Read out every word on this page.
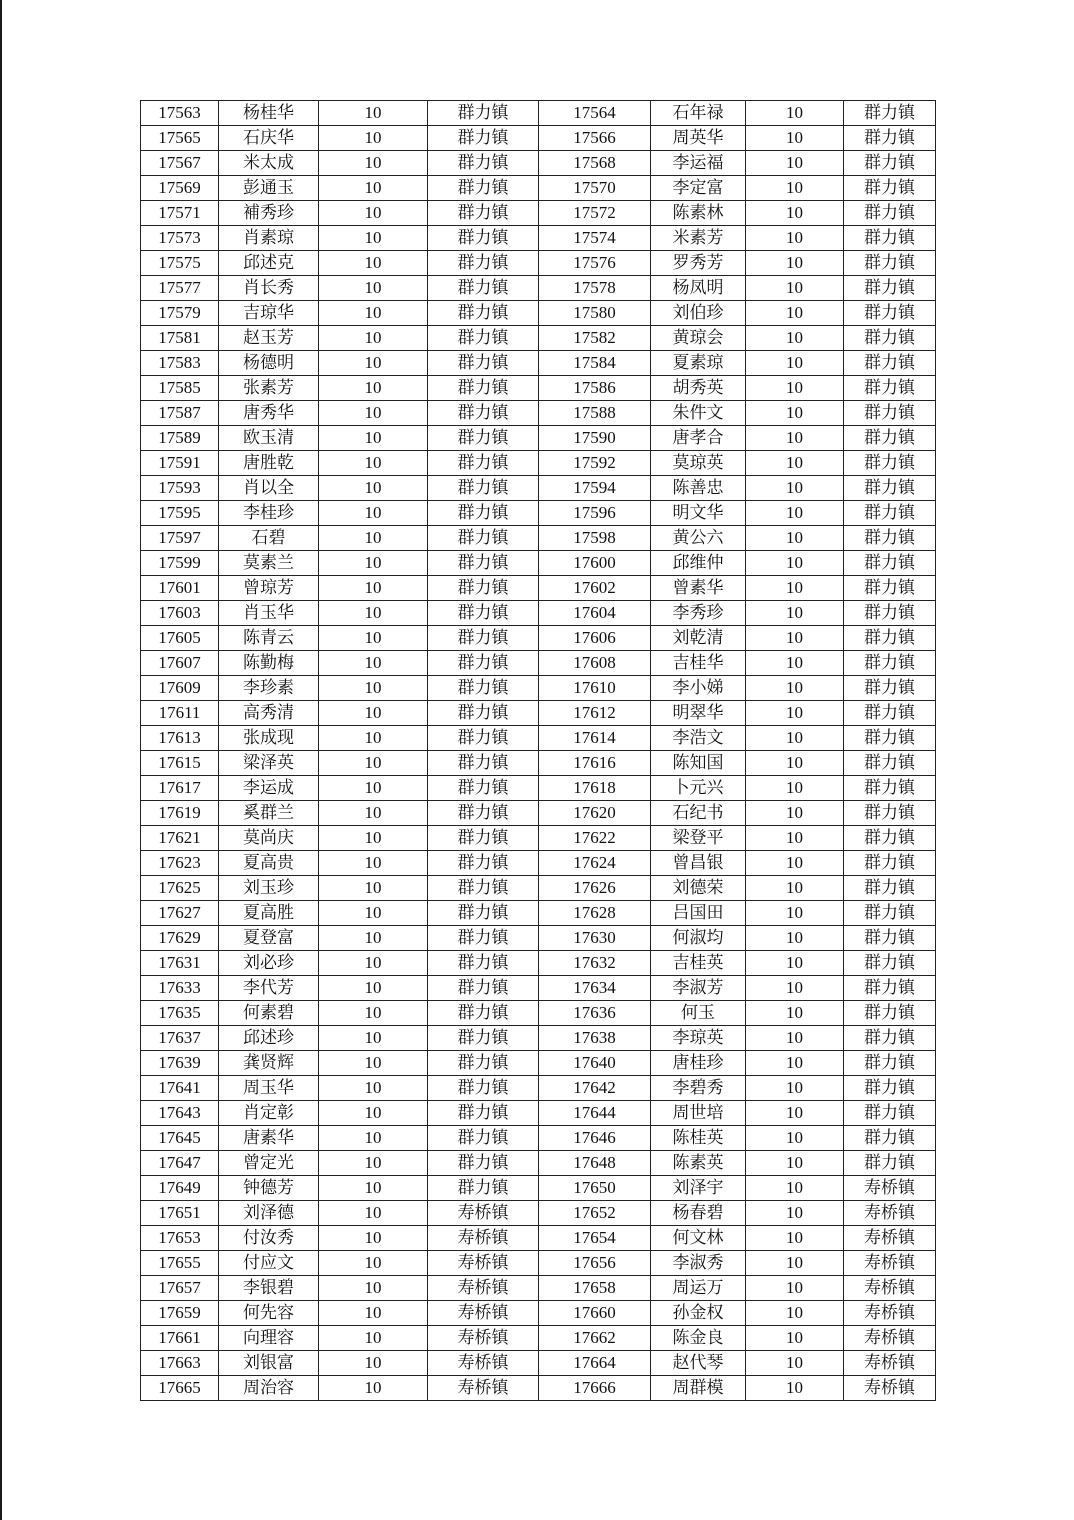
17563	杨桂华	10	群力镇	17564	石年禄	10	群力镇
17565	石庆华	10	群力镇	17566	周英华	10	群力镇
17567	米太成	10	群力镇	17568	李运福	10	群力镇
17569	彭通玉	10	群力镇	17570	李定富	10	群力镇
17571	補秀珍	10	群力镇	17572	陈素林	10	群力镇
17573	肖素琼	10	群力镇	17574	米素芳	10	群力镇
17575	邱述克	10	群力镇	17576	罗秀芳	10	群力镇
17577	肖长秀	10	群力镇	17578	杨凤明	10	群力镇
17579	吉琼华	10	群力镇	17580	刘伯珍	10	群力镇
17581	赵玉芳	10	群力镇	17582	黄琼会	10	群力镇
17583	杨德明	10	群力镇	17584	夏素琼	10	群力镇
17585	张素芳	10	群力镇	17586	胡秀英	10	群力镇
17587	唐秀华	10	群力镇	17588	朱件文	10	群力镇
17589	欧玉清	10	群力镇	17590	唐孝合	10	群力镇
17591	唐胜乾	10	群力镇	17592	莫琼英	10	群力镇
17593	肖以全	10	群力镇	17594	陈善忠	10	群力镇
17595	李桂珍	10	群力镇	17596	明文华	10	群力镇
17597	石碧	10	群力镇	17598	黄公六	10	群力镇
17599	莫素兰	10	群力镇	17600	邱维仲	10	群力镇
17601	曾琼芳	10	群力镇	17602	曾素华	10	群力镇
17603	肖玉华	10	群力镇	17604	李秀珍	10	群力镇
17605	陈青云	10	群力镇	17606	刘乾清	10	群力镇
17607	陈勤梅	10	群力镇	17608	吉桂华	10	群力镇
17609	李珍素	10	群力镇	17610	李小娣	10	群力镇
17611	高秀清	10	群力镇	17612	明翠华	10	群力镇
17613	张成现	10	群力镇	17614	李浩文	10	群力镇
17615	梁泽英	10	群力镇	17616	陈知国	10	群力镇
17617	李运成	10	群力镇	17618	卜元兴	10	群力镇
17619	奚群兰	10	群力镇	17620	石纪书	10	群力镇
17621	莫尚庆	10	群力镇	17622	梁登平	10	群力镇
17623	夏高贵	10	群力镇	17624	曾昌银	10	群力镇
17625	刘玉珍	10	群力镇	17626	刘德荣	10	群力镇
17627	夏高胜	10	群力镇	17628	吕国田	10	群力镇
17629	夏登富	10	群力镇	17630	何淑均	10	群力镇
17631	刘必珍	10	群力镇	17632	吉桂英	10	群力镇
17633	李代芳	10	群力镇	17634	李淑芳	10	群力镇
17635	何素碧	10	群力镇	17636	何玉	10	群力镇
17637	邱述珍	10	群力镇	17638	李琼英	10	群力镇
17639	龚贤辉	10	群力镇	17640	唐桂珍	10	群力镇
17641	周玉华	10	群力镇	17642	李碧秀	10	群力镇
17643	肖定彰	10	群力镇	17644	周世培	10	群力镇
17645	唐素华	10	群力镇	17646	陈桂英	10	群力镇
17647	曾定光	10	群力镇	17648	陈素英	10	群力镇
17649	钟德芳	10	群力镇	17650	刘泽宇	10	寿桥镇
17651	刘泽德	10	寿桥镇	17652	杨春碧	10	寿桥镇
17653	付汝秀	10	寿桥镇	17654	何文林	10	寿桥镇
17655	付应文	10	寿桥镇	17656	李淑秀	10	寿桥镇
17657	李银碧	10	寿桥镇	17658	周运万	10	寿桥镇
17659	何先容	10	寿桥镇	17660	孙金权	10	寿桥镇
17661	向理容	10	寿桥镇	17662	陈金良	10	寿桥镇
17663	刘银富	10	寿桥镇	17664	赵代琴	10	寿桥镇
17665	周治容	10	寿桥镇	17666	周群模	10	寿桥镇
